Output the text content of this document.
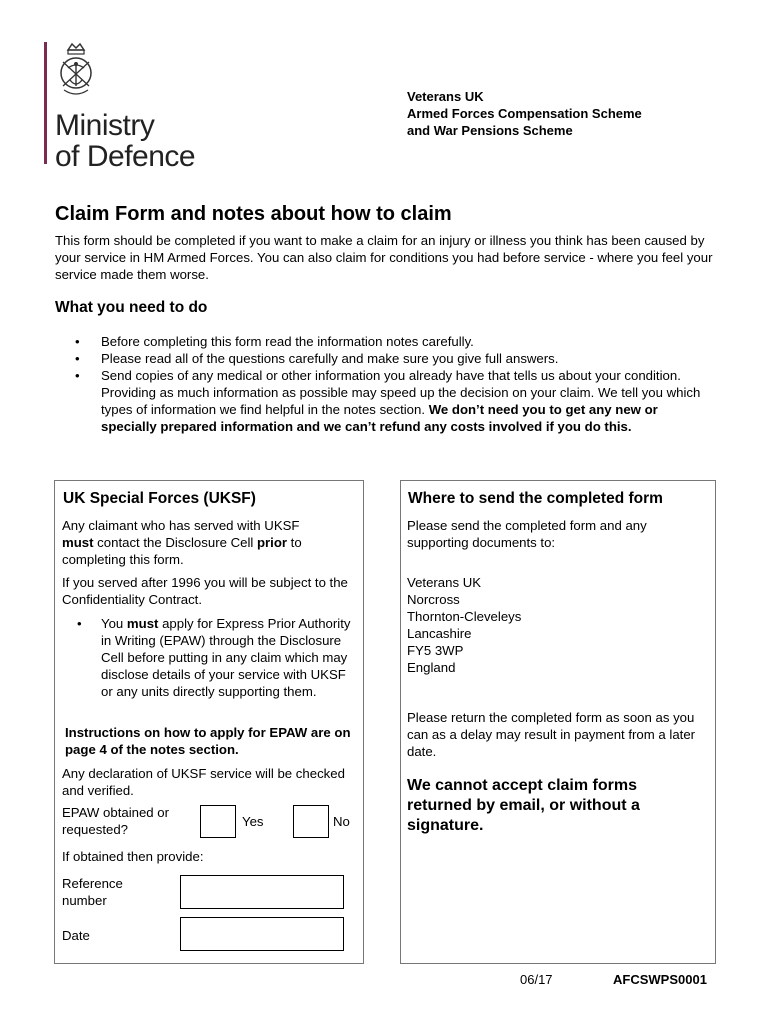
Ministry
of Defence
Veterans UK
Armed Forces Compensation Scheme
and War Pensions Scheme
Claim Form and notes about how to claim
This form should be completed if you want to make a claim for an injury or illness you think has been caused by your service in HM Armed Forces. You can also claim for conditions you had before service - where you feel your service made them worse.
What you need to do
• Before completing this form read the information notes carefully.
• Please read all of the questions carefully and make sure you give full answers.
• Send copies of any medical or other information you already have that tells us about your condition. Providing as much information as possible may speed up the decision on your claim. We tell you which types of information we find helpful in the notes section. We don’t need you to get any new or specially prepared information and we can’t refund any costs involved if you do this.
UK Special Forces (UKSF)
Any claimant who has served with UKSF
must contact the Disclosure Cell prior to
completing this form.
If you served after 1996 you will be subject to the Confidentiality Contract.
•	You must apply for Express Prior Authority in Writing (EPAW) through the Disclosure Cell before putting in any claim which may disclose details of your service with UKSF or any units directly supporting them.
Instructions on how to apply for EPAW are on page 4 of the notes section.
Any declaration of UKSF service will be checked and verified.
EPAW obtained or requested?
Yes	No
If obtained then provide:
Reference number
Date
Where to send the completed form
Please send the completed form and any supporting documents to:
Veterans UK
Norcross
Thornton-Cleveleys
Lancashire
FY5 3WP
England
Please return the completed form as soon as you can as a delay may result in payment from a later date.
We cannot accept claim forms returned by email, or without a signature.
06/17	AFCSWPS0001
